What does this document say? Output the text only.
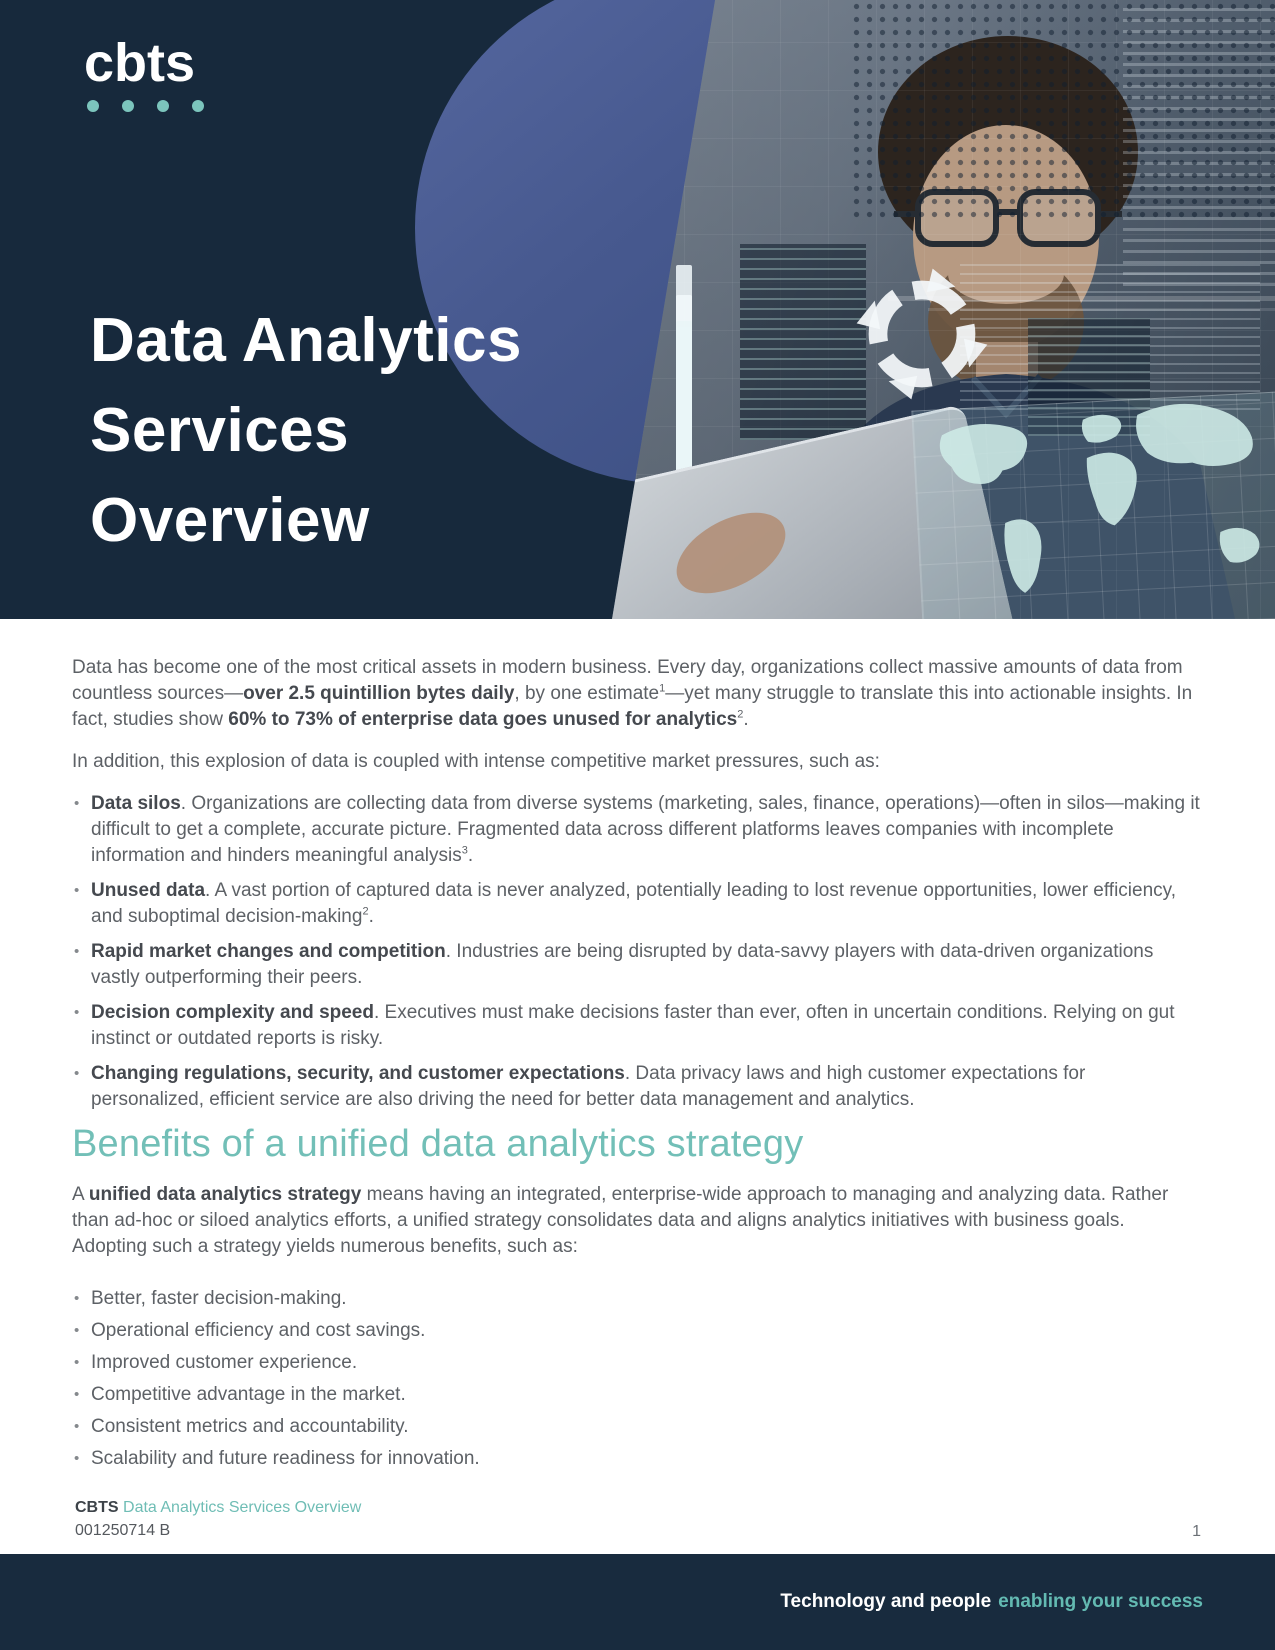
cbts
Data Analytics
Services
Overview

Data has become one of the most critical assets in modern business. Every day, organizations collect massive amounts of data from countless sources—over 2.5 quintillion bytes daily, by one estimate$^1$—yet many struggle to translate this into actionable insights. In fact, studies show 60% to 73% of enterprise data goes unused for analytics$^2$.

In addition, this explosion of data is coupled with intense competitive market pressures, such as:

• Data silos. Organizations are collecting data from diverse systems (marketing, sales, finance, operations)—often in silos—making it difficult to get a complete, accurate picture. Fragmented data across different platforms leaves companies with incomplete information and hinders meaningful analysis$^3$.
• Unused data. A vast portion of captured data is never analyzed, potentially leading to lost revenue opportunities, lower efficiency, and suboptimal decision-making$^2$.
• Rapid market changes and competition. Industries are being disrupted by data-savvy players with data-driven organizations vastly outperforming their peers.
• Decision complexity and speed. Executives must make decisions faster than ever, often in uncertain conditions. Relying on gut instinct or outdated reports is risky.
• Changing regulations, security, and customer expectations. Data privacy laws and high customer expectations for personalized, efficient service are also driving the need for better data management and analytics.
Benefits of a unified data analytics strategy

A unified data analytics strategy means having an integrated, enterprise-wide approach to managing and analyzing data. Rather than ad-hoc or siloed analytics efforts, a unified strategy consolidates data and aligns analytics initiatives with business goals. Adopting such a strategy yields numerous benefits, such as:

• Better, faster decision-making.
• Operational efficiency and cost savings.
• Improved customer experience.
• Competitive advantage in the market.
• Consistent metrics and accountability.
• Scalability and future readiness for innovation.
CBTS Data Analytics Services Overview
001250714 B	1
Technology and people enabling your success
